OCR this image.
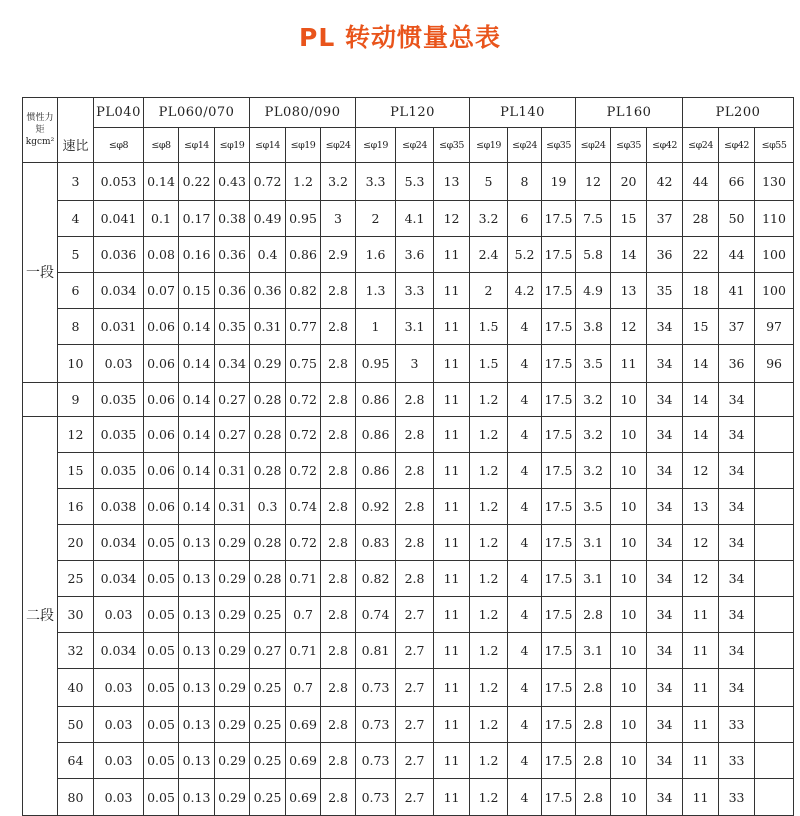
PL 转动惯量总表
惯性力矩kgcm²		PL040	PL060/070			PL080/090			PL120			PL140			PL160			PL200		
	速比	≤φ8	≤φ8	≤φ14	≤φ19	≤φ14	≤φ19	≤φ24	≤φ19	≤φ24	≤φ35	≤φ19	≤φ24	≤φ35	≤φ24	≤φ35	≤φ42	≤φ24	≤φ42	≤φ55
一段	3	0.053	0.14	0.22	0.43	0.72	1.2	3.2	3.3	5.3	13	5	8	19	12	20	42	44	66	130
	4	0.041	0.1	0.17	0.38	0.49	0.95	3	2	4.1	12	3.2	6	17.5	7.5	15	37	28	50	110
	5	0.036	0.08	0.16	0.36	0.4	0.86	2.9	1.6	3.6	11	2.4	5.2	17.5	5.8	14	36	22	44	100
	6	0.034	0.07	0.15	0.36	0.36	0.82	2.8	1.3	3.3	11	2	4.2	17.5	4.9	13	35	18	41	100
	8	0.031	0.06	0.14	0.35	0.31	0.77	2.8	1	3.1	11	1.5	4	17.5	3.8	12	34	15	37	97
	10	0.03	0.06	0.14	0.34	0.29	0.75	2.8	0.95	3	11	1.5	4	17.5	3.5	11	34	14	36	96
	9	0.035	0.06	0.14	0.27	0.28	0.72	2.8	0.86	2.8	11	1.2	4	17.5	3.2	10	34	14	34	
二段	12	0.035	0.06	0.14	0.27	0.28	0.72	2.8	0.86	2.8	11	1.2	4	17.5	3.2	10	34	14	34	
	15	0.035	0.06	0.14	0.31	0.28	0.72	2.8	0.86	2.8	11	1.2	4	17.5	3.2	10	34	12	34	
	16	0.038	0.06	0.14	0.31	0.3	0.74	2.8	0.92	2.8	11	1.2	4	17.5	3.5	10	34	13	34	
	20	0.034	0.05	0.13	0.29	0.28	0.72	2.8	0.83	2.8	11	1.2	4	17.5	3.1	10	34	12	34	
	25	0.034	0.05	0.13	0.29	0.28	0.71	2.8	0.82	2.8	11	1.2	4	17.5	3.1	10	34	12	34	
	30	0.03	0.05	0.13	0.29	0.25	0.7	2.8	0.74	2.7	11	1.2	4	17.5	2.8	10	34	11	34	
	32	0.034	0.05	0.13	0.29	0.27	0.71	2.8	0.81	2.7	11	1.2	4	17.5	3.1	10	34	11	34	
	40	0.03	0.05	0.13	0.29	0.25	0.7	2.8	0.73	2.7	11	1.2	4	17.5	2.8	10	34	11	34	
	50	0.03	0.05	0.13	0.29	0.25	0.69	2.8	0.73	2.7	11	1.2	4	17.5	2.8	10	34	11	33	
	64	0.03	0.05	0.13	0.29	0.25	0.69	2.8	0.73	2.7	11	1.2	4	17.5	2.8	10	34	11	33	
	80	0.03	0.05	0.13	0.29	0.25	0.69	2.8	0.73	2.7	11	1.2	4	17.5	2.8	10	34	11	33	
